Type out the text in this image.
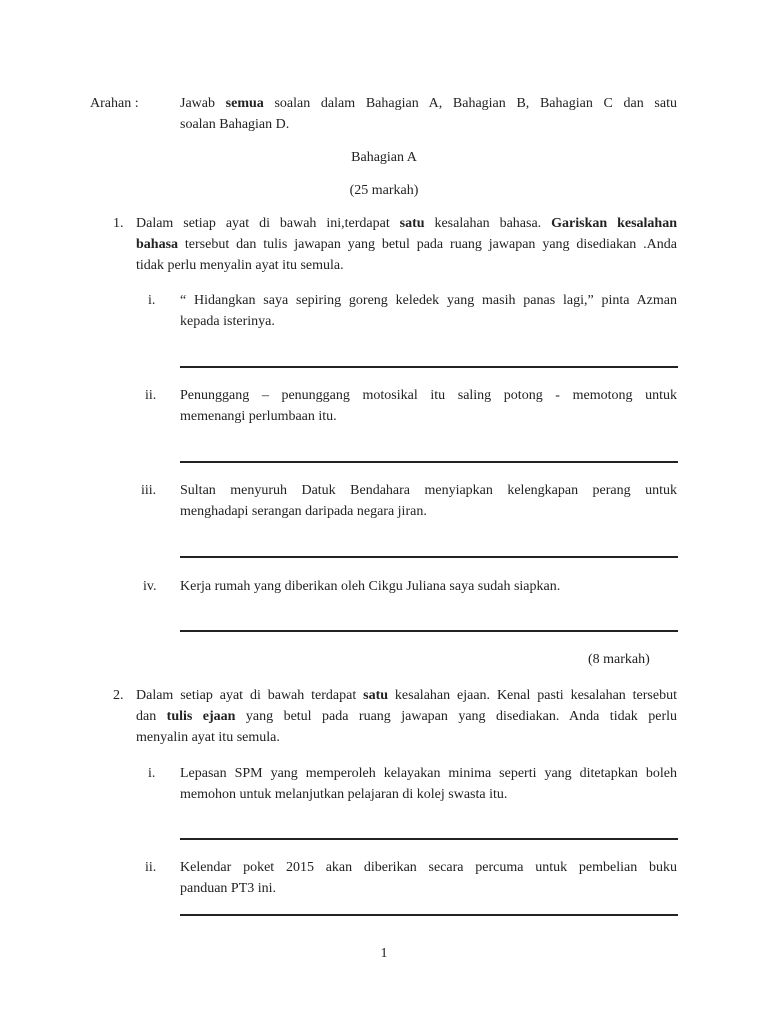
Arahan :	Jawab semua soalan dalam Bahagian A, Bahagian B, Bahagian C dan satu
soalan Bahagian D.
Bahagian A
(25 markah)
1. Dalam setiap ayat di bawah ini,terdapat satu kesalahan bahasa. Gariskan kesalahan
bahasa tersebut dan tulis jawapan yang betul pada ruang jawapan yang disediakan .Anda
tidak perlu menyalin ayat itu semula.
i. “ Hidangkan saya sepiring goreng keledek yang masih panas lagi,” pinta Azman
kepada isterinya.
ii. Penunggang – penunggang motosikal itu saling potong - memotong untuk
memenangi perlumbaan itu.
iii. Sultan menyuruh Datuk Bendahara menyiapkan kelengkapan perang untuk
menghadapi serangan daripada negara jiran.
iv. Kerja rumah yang diberikan oleh Cikgu Juliana saya sudah siapkan.
(8 markah)
2. Dalam setiap ayat di bawah terdapat satu kesalahan ejaan. Kenal pasti kesalahan tersebut
dan tulis ejaan yang betul pada ruang jawapan yang disediakan. Anda tidak perlu
menyalin ayat itu semula.
i. Lepasan SPM yang memperoleh kelayakan minima seperti yang ditetapkan boleh
memohon untuk melanjutkan pelajaran di kolej swasta itu.
ii. Kelendar poket 2015 akan diberikan secara percuma untuk pembelian buku
panduan PT3 ini.
1
